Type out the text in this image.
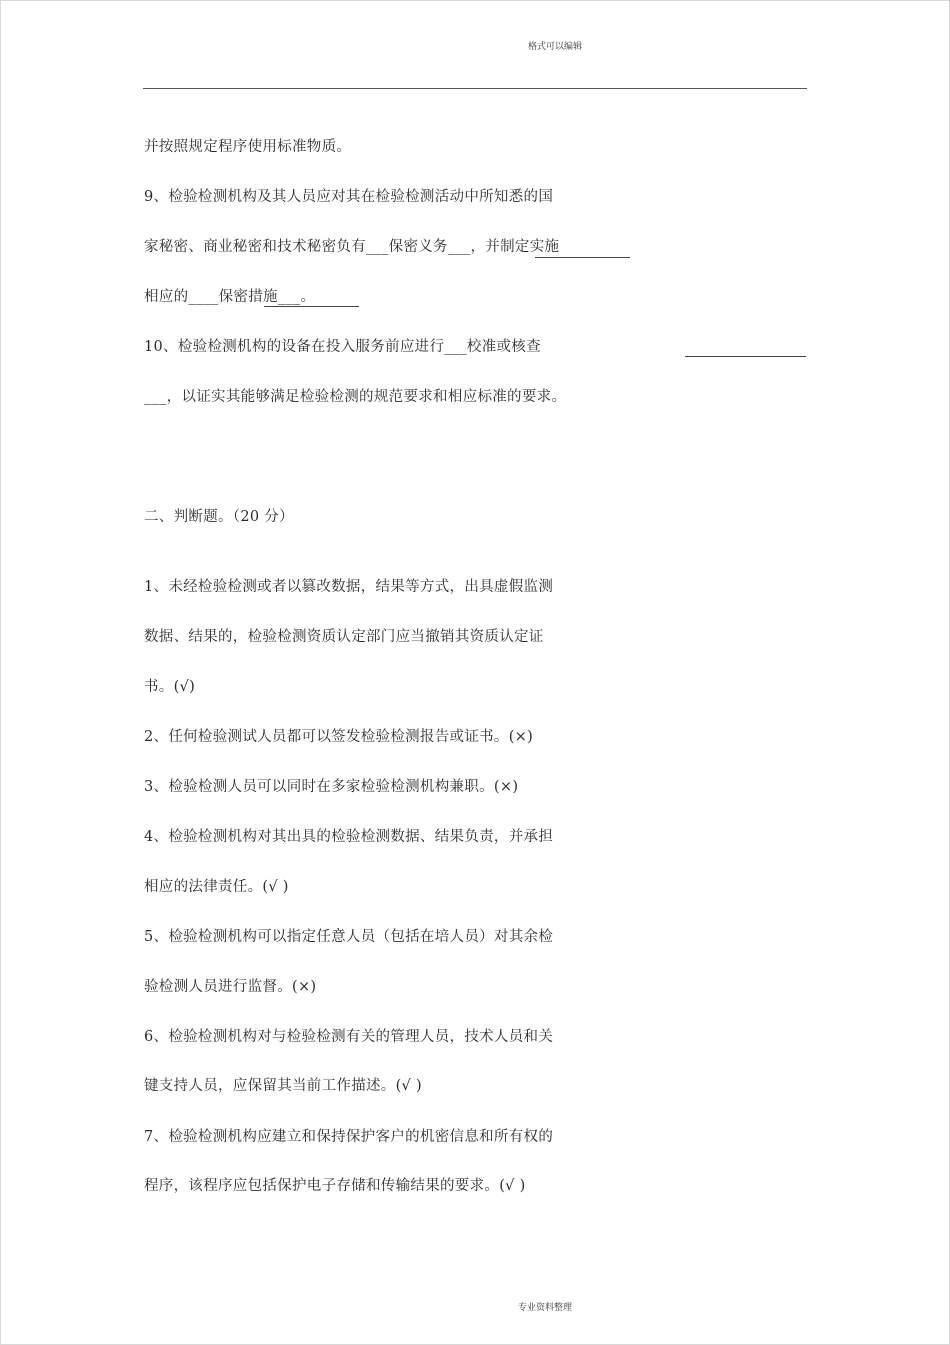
格式可以编辑
并按照规定程序使用标准物质。
9、检验检测机构及其人员应对其在检验检测活动中所知悉的国
家秘密、商业秘密和技术秘密负有___保密义务___，并制定实施
相应的____保密措施___。
10、检验检测机构的设备在投入服务前应进行___校准或核查
___，以证实其能够满足检验检测的规范要求和相应标准的要求。
二、判断题。（20 分）
1、未经检验检测或者以篡改数据，结果等方式，出具虚假监测
数据、结果的，检验检测资质认定部门应当撤销其资质认定证
书。(√)
2、任何检验测试人员都可以签发检验检测报告或证书。(×)
3、检验检测人员可以同时在多家检验检测机构兼职。(×)
4、检验检测机构对其出具的检验检测数据、结果负责，并承担
相应的法律责任。(√ )
5、检验检测机构可以指定任意人员（包括在培人员）对其余检
验检测人员进行监督。(×)
6、检验检测机构对与检验检测有关的管理人员，技术人员和关
键支持人员，应保留其当前工作描述。(√ )
7、检验检测机构应建立和保持保护客户的机密信息和所有权的
程序，该程序应包括保护电子存储和传输结果的要求。(√ )
专业资料整理
